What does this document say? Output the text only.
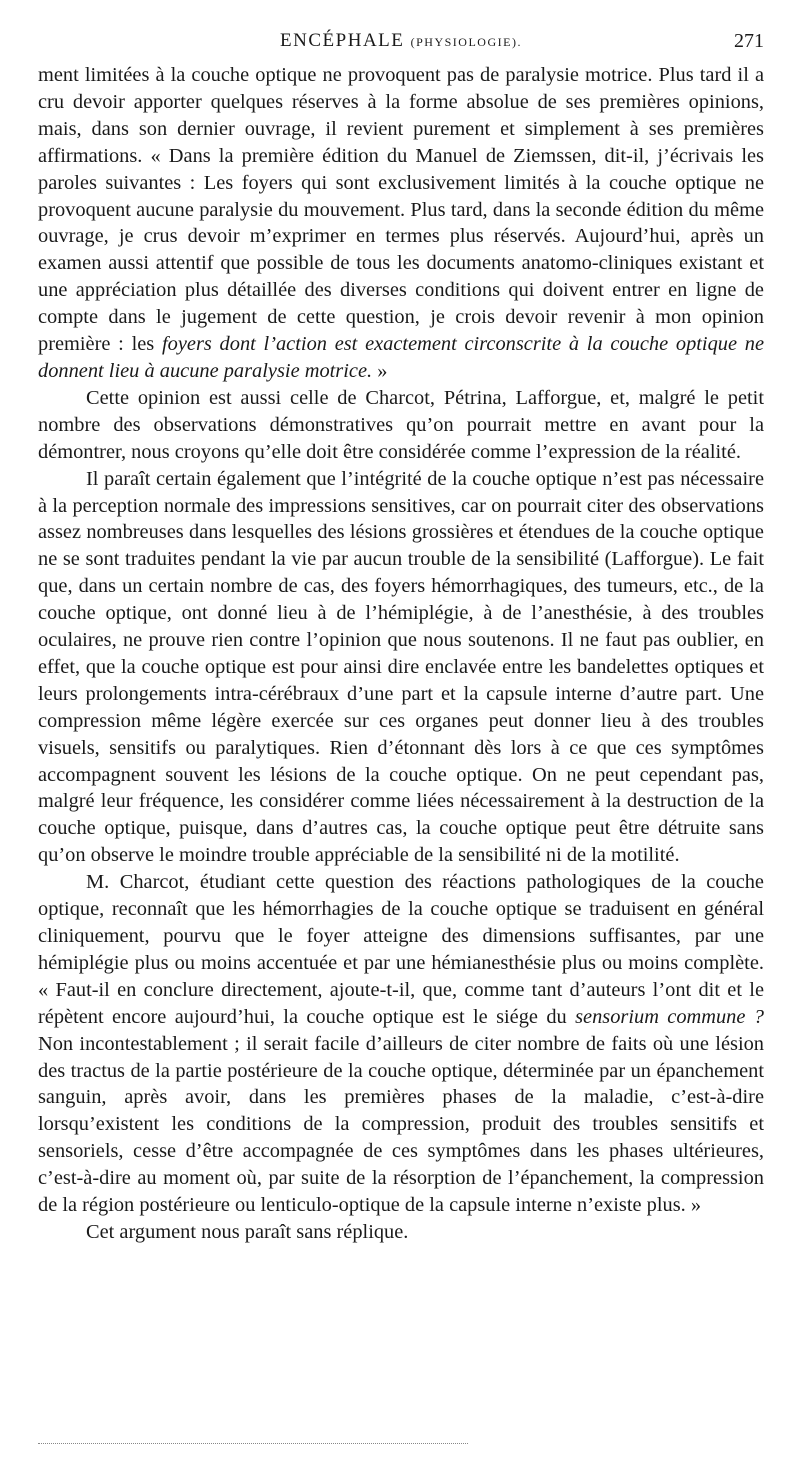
ENCÉPHALE (PHYSIOLOGIE).	271

ment limitées à la couche optique ne provoquent pas de paralysie motrice. Plus tard il a cru devoir apporter quelques réserves à la forme absolue de ses premières opinions, mais, dans son dernier ouvrage, il revient purement et simplement à ses premières affirmations. « Dans la première édition du Manuel de Ziemssen, dit-il, j’écrivais les paroles suivantes : Les foyers qui sont exclusivement limités à la couche optique ne provoquent aucune paralysie du mouvement. Plus tard, dans la seconde édition du même ouvrage, je crus devoir m’exprimer en termes plus réservés. Aujourd’hui, après un examen aussi attentif que possible de tous les documents anatomo-cliniques existant et une appréciation plus détaillée des diverses conditions qui doivent entrer en ligne de compte dans le jugement de cette question, je crois devoir revenir à mon opinion première : les foyers dont l’action est exactement circonscrite à la couche optique ne donnent lieu à aucune paralysie motrice. »

Cette opinion est aussi celle de Charcot, Pétrina, Lafforgue, et, malgré le petit nombre des observations démonstratives qu’on pourrait mettre en avant pour la démontrer, nous croyons qu’elle doit être considérée comme l’expression de la réalité.

Il paraît certain également que l’intégrité de la couche optique n’est pas nécessaire à la perception normale des impressions sensitives, car on pourrait citer des observations assez nombreuses dans lesquelles des lésions grossières et étendues de la couche optique ne se sont traduites pendant la vie par aucun trouble de la sensibilité (Lafforgue). Le fait que, dans un certain nombre de cas, des foyers hémorrhagiques, des tumeurs, etc., de la couche optique, ont donné lieu à de l’hémiplégie, à de l’anesthésie, à des troubles oculaires, ne prouve rien contre l’opinion que nous soutenons. Il ne faut pas oublier, en effet, que la couche optique est pour ainsi dire enclavée entre les bandelettes optiques et leurs prolongements intra-cérébraux d’une part et la capsule interne d’autre part. Une compression même légère exercée sur ces organes peut donner lieu à des troubles visuels, sensitifs ou paralytiques. Rien d’étonnant dès lors à ce que ces symptômes accompagnent souvent les lésions de la couche optique. On ne peut cependant pas, malgré leur fréquence, les considérer comme liées nécessairement à la destruction de la couche optique, puisque, dans d’autres cas, la couche optique peut être détruite sans qu’on observe le moindre trouble appréciable de la sensibilité ni de la motilité.

M. Charcot, étudiant cette question des réactions pathologiques de la couche optique, reconnaît que les hémorrhagies de la couche optique se traduisent en général cliniquement, pourvu que le foyer atteigne des dimensions suffisantes, par une hémiplégie plus ou moins accentuée et par une hémianesthésie plus ou moins complète. « Faut-il en conclure directement, ajoute-t-il, que, comme tant d’auteurs l’ont dit et le répètent encore aujourd’hui, la couche optique est le siége du sensorium commune ? Non incontestablement ; il serait facile d’ailleurs de citer nombre de faits où une lésion des tractus de la partie postérieure de la couche optique, déterminée par un épanchement sanguin, après avoir, dans les premières phases de la maladie, c’est-à-dire lorsqu’existent les conditions de la compression, produit des troubles sensitifs et sensoriels, cesse d’être accompagnée de ces symptômes dans les phases ultérieures, c’est-à-dire au moment où, par suite de la résorption de l’épanchement, la compression de la région postérieure ou lenticulo-optique de la capsule interne n’existe plus. »

Cet argument nous paraît sans réplique.
